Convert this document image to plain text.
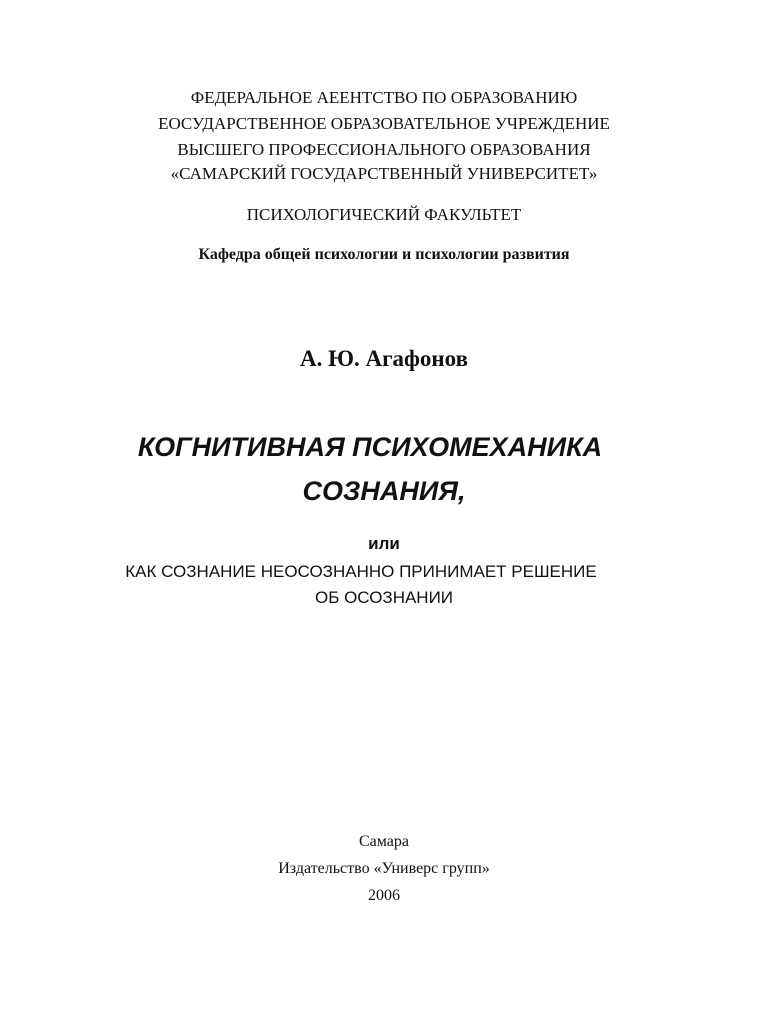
ФЕДЕРАЛЬНОЕ АЕЕНТСТВО ПО ОБРАЗОВАНИЮ
ЕОСУДАРСТВЕННОЕ ОБРАЗОВАТЕЛЬНОЕ УЧРЕЖДЕНИЕ
ВЫСШЕГО ПРОФЕССИОНАЛЬНОГО ОБРАЗОВАНИЯ
«САМАРСКИЙ ГОСУДАРСТВЕННЫЙ УНИВЕРСИТЕТ»
ПСИХОЛОГИЧЕСКИЙ ФАКУЛЬТЕТ
Кафедра общей психологии и психологии развития
А. Ю. Агафонов
КОГНИТИВНАЯ ПСИХОМЕХАНИКА
СОЗНАНИЯ,
или
КАК СОЗНАНИЕ НЕОСОЗНАННО ПРИНИМАЕТ РЕШЕНИЕ
ОБ ОСОЗНАНИИ
Самара
Издательство «Универс групп»
2006
